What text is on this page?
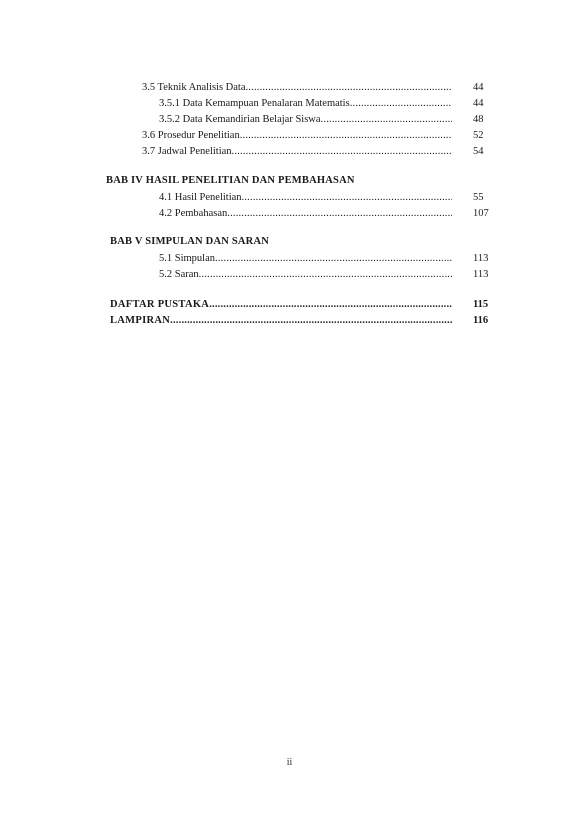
3.5 Teknik Analisis Data .....	44
3.5.1 Data Kemampuan Penalaran Matematis .....	44
3.5.2 Data Kemandirian Belajar Siswa .....	48
3.6 Prosedur Penelitian .....	52
3.7 Jadwal Penelitian .....	54
BAB IV HASIL PENELITIAN DAN PEMBAHASAN
4.1 Hasil Penelitian .....	55
4.2 Pembahasan .....	107
BAB V SIMPULAN DAN SARAN
5.1 Simpulan .....	113
5.2 Saran .....	113
DAFTAR PUSTAKA .....	115
LAMPIRAN .....	116
ii
